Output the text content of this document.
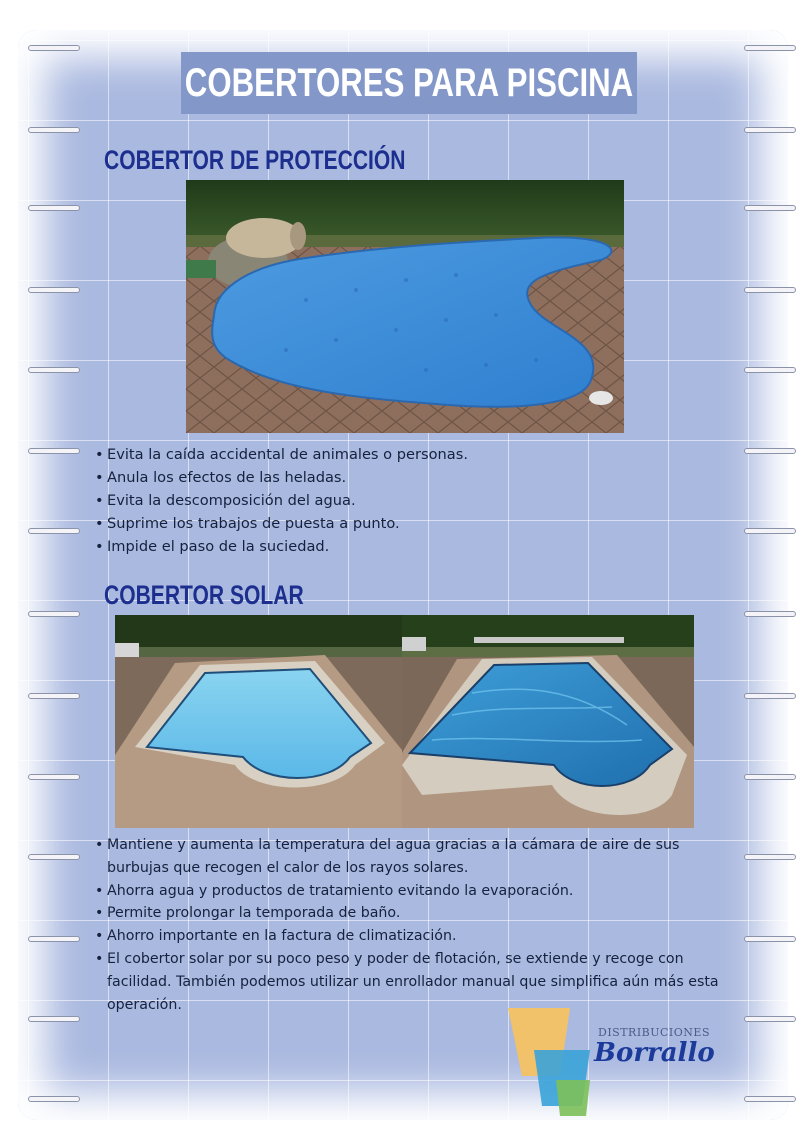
COBERTORES PARA PISCINA
COBERTOR DE PROTECCIÓN
• Evita la caída accidental de animales o personas.
• Anula los efectos de las heladas.
• Evita la descomposición del agua.
• Suprime los trabajos de puesta a punto.
• Impide el paso de la suciedad.
COBERTOR SOLAR
• Mantiene y aumenta la temperatura del agua gracias a la cámara de aire de sus burbujas que recogen el calor de los rayos solares.
• Ahorra agua y productos de tratamiento evitando la evaporación.
• Permite prolongar la temporada de baño.
• Ahorro importante en la factura de climatización.
• El cobertor solar por su poco peso y poder de flotación, se extiende y recoge con facilidad. También podemos utilizar un enrollador manual que simplifica aún más esta operación.
DISTRIBUCIONES
Borrallo
